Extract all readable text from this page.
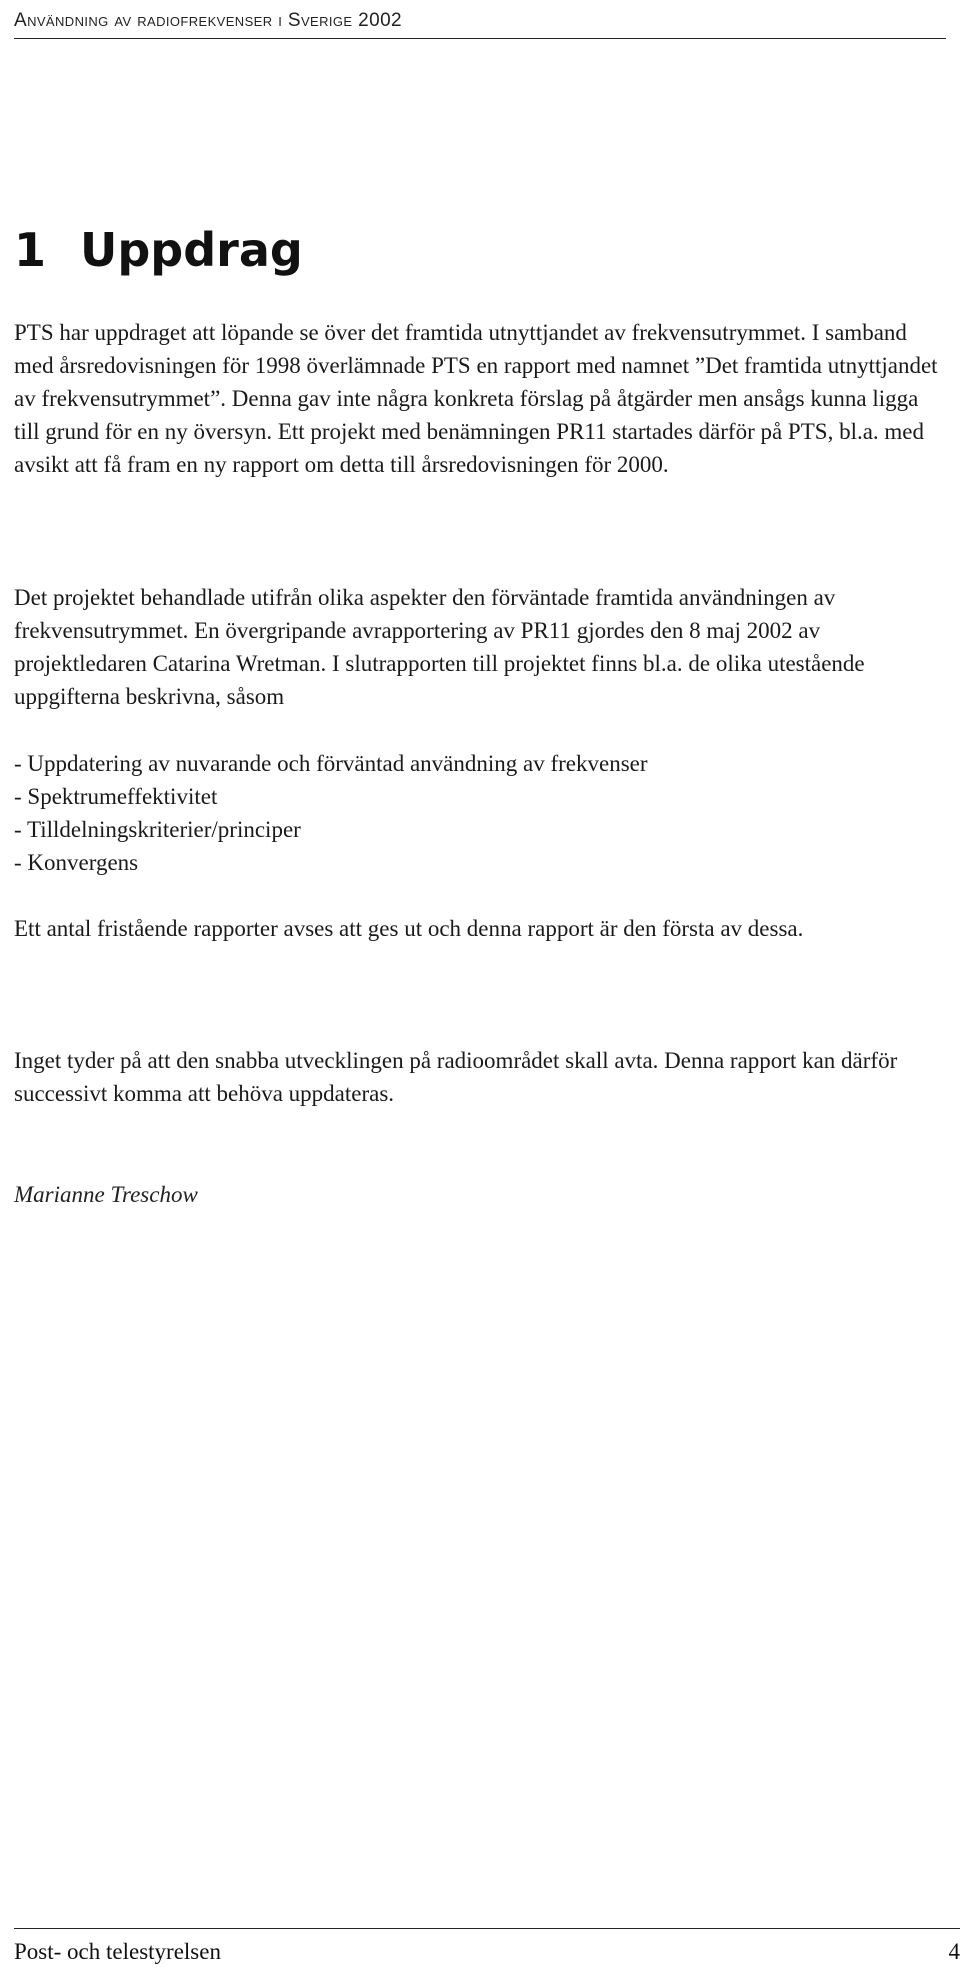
Användning av radiofrekvenser i Sverige 2002
1 Uppdrag

PTS har uppdraget att löpande se över det framtida utnyttjandet av frekvensutrymmet. I samband med årsredovisningen för 1998 överlämnade PTS en rapport med namnet ”Det framtida utnyttjandet av frekvensutrymmet”. Denna gav inte några konkreta förslag på åtgärder men ansågs kunna ligga till grund för en ny översyn. Ett projekt med benämningen PR11 startades därför på PTS, bl.a. med avsikt att få fram en ny rapport om detta till årsredovisningen för 2000.

Det projektet behandlade utifrån olika aspekter den förväntade framtida användningen av frekvensutrymmet. En övergripande avrapportering av PR11 gjordes den 8 maj 2002 av projektledaren Catarina Wretman. I slutrapporten till projektet finns bl.a. de olika utestående uppgifterna beskrivna, såsom

- Uppdatering av nuvarande och förväntad användning av frekvenser
- Spektrumeffektivitet
- Tilldelningskriterier/principer
- Konvergens

Ett antal fristående rapporter avses att ges ut och denna rapport är den första av dessa.

Inget tyder på att den snabba utvecklingen på radioområdet skall avta. Denna rapport kan därför successivt komma att behöva uppdateras.

Marianne Treschow

Post- och telestyrelsen	4
